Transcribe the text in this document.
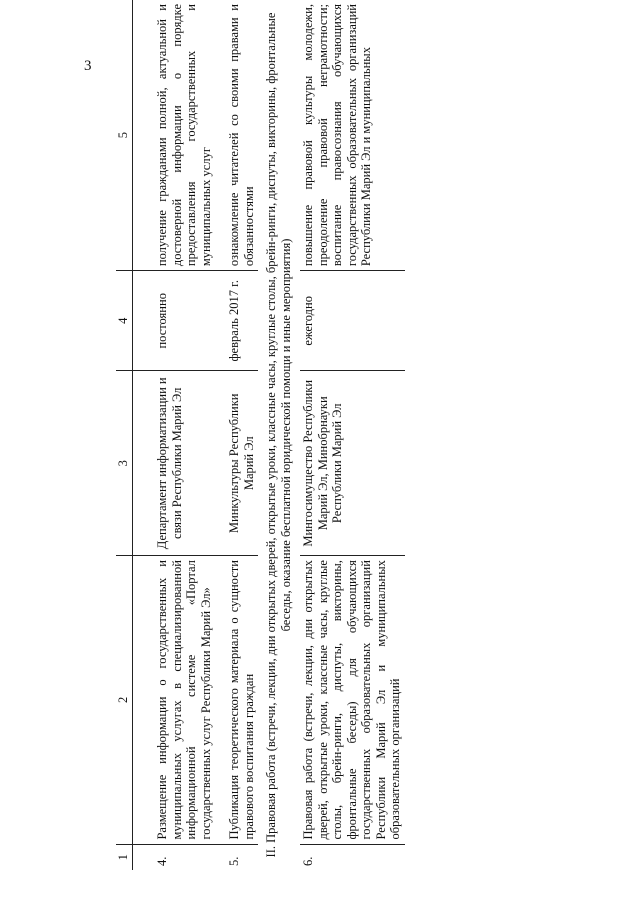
3
1	2	3	4	5
4.	Размещение информации о государственных и муниципальных услугах в специализированной информационной системе «Портал государственных услуг Республики Марий Эл»	Департамент информатизации и связи Республики Марий Эл	постоянно	получение гражданами полной, актуальной и достоверной информации о порядке предоставления государственных и муниципальных услуг
5.	Публикация теоретического материала о сущности правового воспитания граждан	Минкультуры Республики Марий Эл	февраль 2017 г.	ознакомление читателей со своими правами и обязанностями
II. Правовая работа (встречи, лекции, дни открытых дверей, открытые уроки, классные часы, круглые столы, брейн-ринги, диспуты, викторины, фронтальные беседы, оказание бесплатной юридической помощи и иные мероприятия)				
6.	Правовая работа (встречи, лекции, дни открытых дверей, открытые уроки, классные часы, круглые столы, брейн-ринги, диспуты, викторины, фронтальные беседы) для обучающихся государственных образовательных организаций Республики Марий Эл и муниципальных образовательных организаций	Мингосимущество Республики Марий Эл, Минобрнауки Республики Марий Эл	ежегодно	повышение правовой культуры молодежи, преодоление правовой неграмотности; воспитание правосознания обучающихся государственных образовательных организаций Республики Марий Эл и муниципальных
